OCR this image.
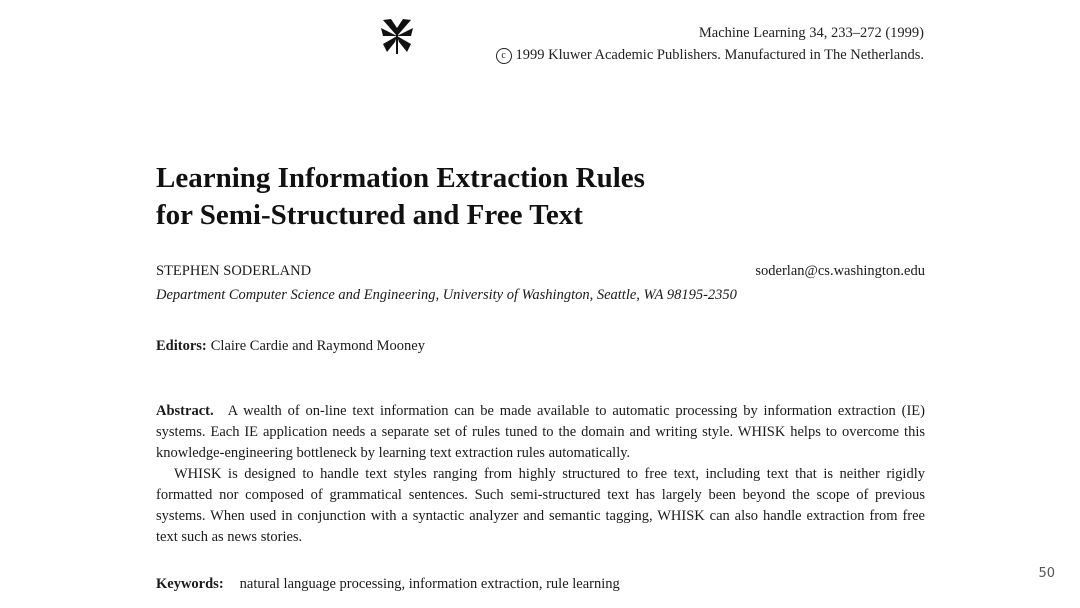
Machine Learning 34, 233–272 (1999)
c 1999 Kluwer Academic Publishers. Manufactured in The Netherlands.
Learning Information Extraction Rules
for Semi-Structured and Free Text
STEPHEN SODERLAND	soderlan@cs.washington.edu
Department Computer Science and Engineering, University of Washington, Seattle, WA 98195-2350
Editors: Claire Cardie and Raymond Mooney

Abstract. A wealth of on-line text information can be made available to automatic processing by information extraction (IE) systems. Each IE application needs a separate set of rules tuned to the domain and writing style. WHISK helps to overcome this knowledge-engineering bottleneck by learning text extraction rules automatically.

WHISK is designed to handle text styles ranging from highly structured to free text, including text that is neither rigidly formatted nor composed of grammatical sentences. Such semi-structured text has largely been beyond the scope of previous systems. When used in conjunction with a syntactic analyzer and semantic tagging, WHISK can also handle extraction from free text such as news stories.

Keywords: natural language processing, information extraction, rule learning
50
